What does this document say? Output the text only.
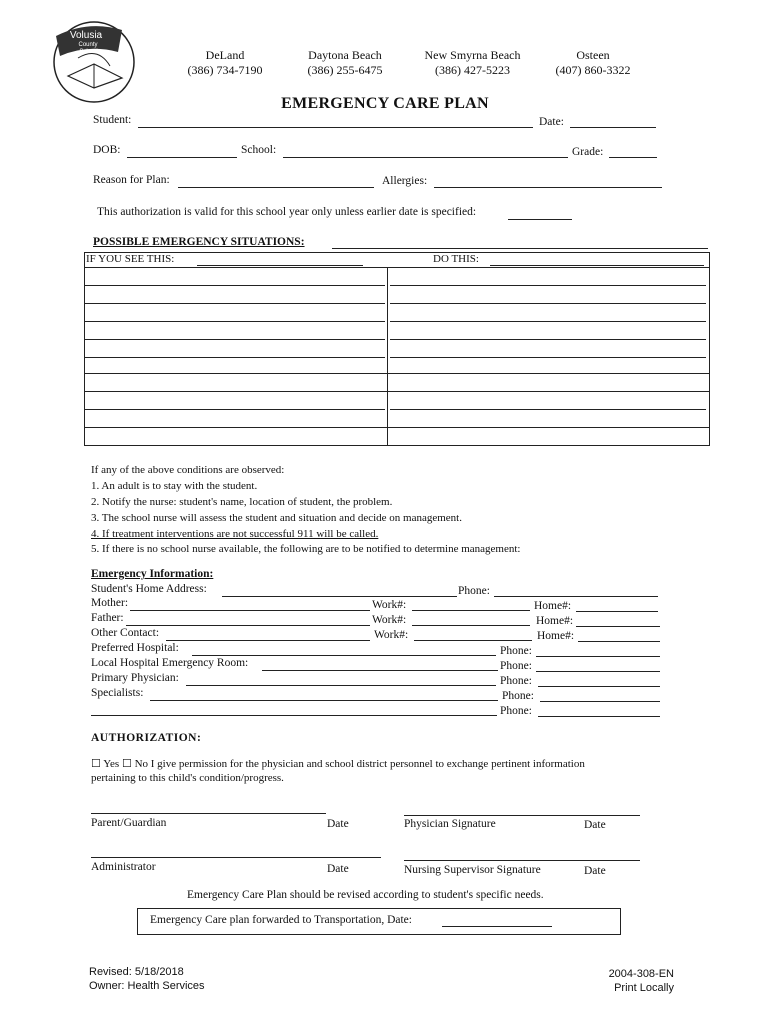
Volusia
County
Schools	DeLand
(386) 734-7190
Daytona Beach
(386) 255-6475
New Smyrna Beach
(386) 427-5223
Osteen
(407) 860-3322
EMERGENCY CARE PLAN
Student:	Date:
DOB:	School:	Grade:
Reason for Plan:	Allergies:
This authorization is valid for this school year only unless earlier date is specified:
POSSIBLE EMERGENCY SITUATIONS:
IF YOU SEE THIS:	DO THIS:
If any of the above conditions are observed:
1. An adult is to stay with the student.
2. Notify the nurse: student's name, location of student, the problem.
3. The school nurse will assess the student and situation and decide on management.
4. If treatment interventions are not successful 911 will be called.
5. If there is no school nurse available, the following are to be notified to determine management:
Emergency Information:
Student's Home Address:	Phone:
Mother:	Work#:	Home#:
Father:	Work#:	Home#:
Other Contact:	Work#:	Home#:
Preferred Hospital:	Phone:
Local Hospital Emergency Room:	Phone:
Primary Physician:	Phone:
Specialists:	Phone:
Phone:
AUTHORIZATION:
☐ Yes ☐ No I give permission for the physician and school district personnel to exchange pertinent information
pertaining to this child's condition/progress.
Parent/Guardian	Date	Physician Signature	Date
Administrator	Date	Nursing Supervisor Signature	Date
Emergency Care Plan should be revised according to student's specific needs.
Emergency Care plan forwarded to Transportation, Date:
Revised: 5/18/2018
Owner: Health Services
2004-308-EN
Print Locally
